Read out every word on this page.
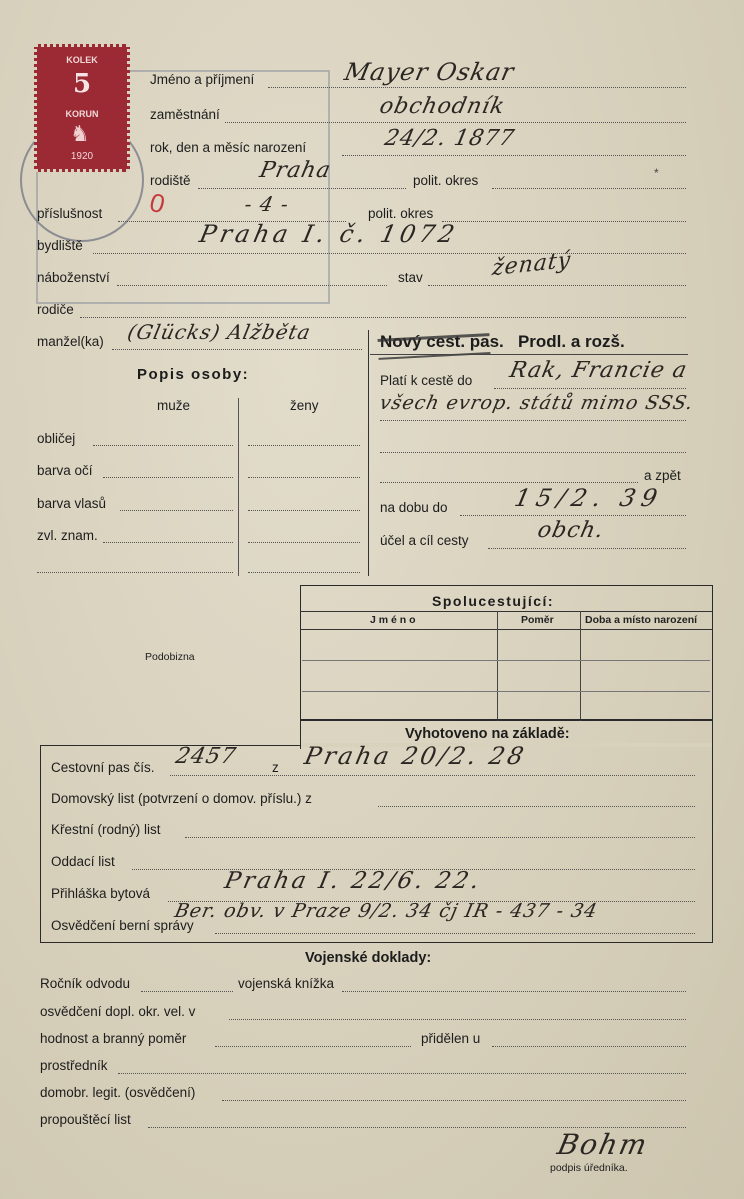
KOLEK
5
KORUN
♞
1920
0
Jméno a příjmení	Mayer Oskar
zaměstnání	obchodník
rok, den a měsíc narození	24/2. 1877
rodiště	Praha	polit. okres	*
příslušnost	- 4 -	polit. okres
bydliště	Praha I. č. 1072
náboženství	stav	ženatý
rodiče
manžel(ka) (Glücks) Alžběta
Popis osoby:
muže	ženy
obličej
barva očí
barva vlasů
zvl. znam.
Nový cest. pas.   Prodl. a rozš.
Platí k cestě do Rak, Francie a
všech evrop. států mimo SSS.
a zpět
na dobu do	15/2. 39
účel a cíl cesty	obch.
Spolucestující:
J m é n o	Poměr	Doba a místo narození
Podobizna
Vyhotoveno na základě:
Cestovní pas čís. 2457 z Praha 20/2. 28
Domovský list (potvrzení o domov. příslu.) z
Křestní (rodný) list
Oddací list
Přihláška bytová	Praha I. 22/6. 22.
Osvědčení berní správy
Ber. obv. v Praze 9/2. 34 čj IR - 437 - 34
Vojenské doklady:
Ročník odvodu	vojenská knížka
osvědčení dopl. okr. vel. v
hodnost a branný poměr	přidělen u
prostředník
domobr. legit. (osvědčení)
propouštěcí list
Bohm
podpis úředníka.
